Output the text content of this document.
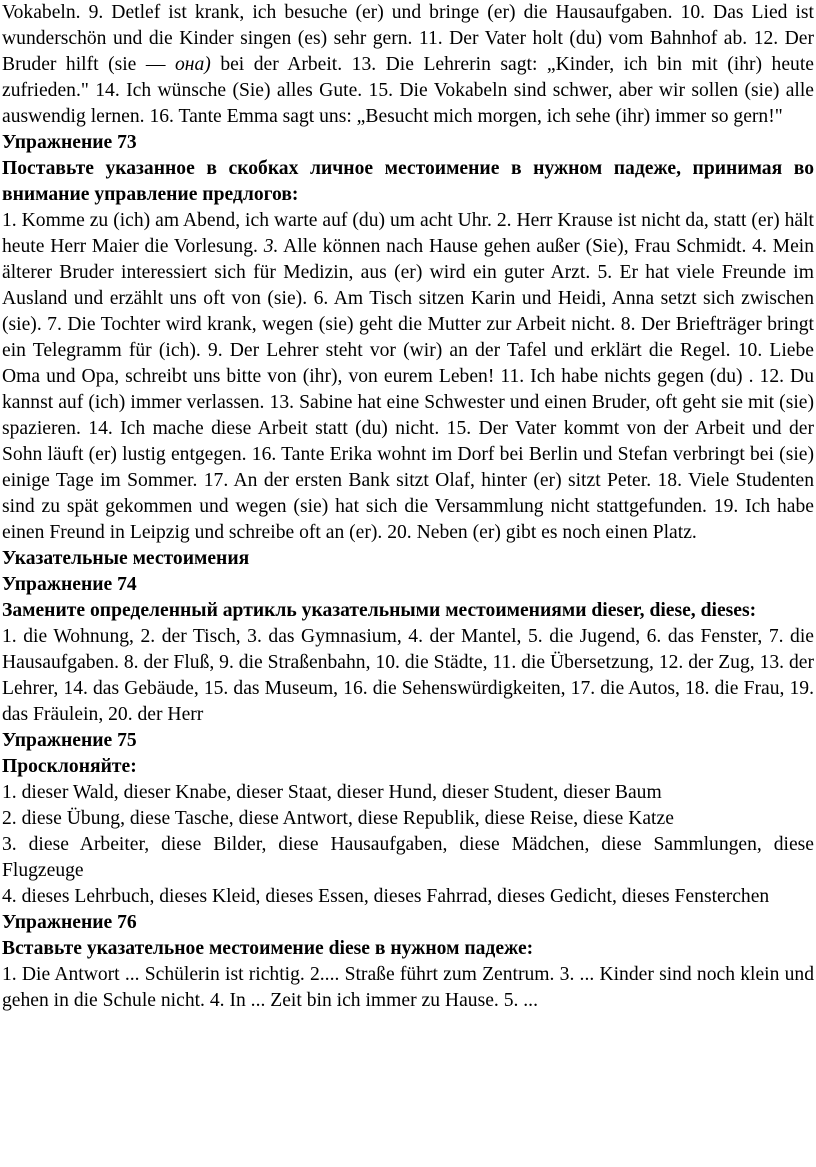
Vokabeln. 9. Detlef ist krank, ich besuche (er) und bringe (er) die Hausaufgaben. 10. Das Lied ist wunderschön und die Kinder singen (es) sehr gern. 11. Der Vater holt (du) vom Bahnhof ab. 12. Der Bruder hilft (sie — она) bei der Arbeit. 13. Die Lehrerin sagt: „Kinder, ich bin mit (ihr) heute zufrieden." 14. Ich wünsche (Sie) alles Gute. 15. Die Vokabeln sind schwer, aber wir sollen (sie) alle auswendig lernen. 16. Tante Emma sagt uns: „Besucht mich morgen, ich sehe (ihr) immer so gern!"

Упражнение 73

Поставьте указанное в скобках личное местоимение в нужном падеже, принимая во внимание управление предлогов:

1. Komme zu (ich) am Abend, ich warte auf (du) um acht Uhr. 2. Herr Krause ist nicht da, statt (er) hält heute Herr Maier die Vorlesung. 3. Alle können nach Hause gehen außer (Sie), Frau Schmidt. 4. Mein älterer Bruder interessiert sich für Medizin, aus (er) wird ein guter Arzt. 5. Er hat viele Freunde im Ausland und erzählt uns oft von (sie). 6. Am Tisch sitzen Karin und Heidi, Anna setzt sich zwischen (sie). 7. Die Tochter wird krank, wegen (sie) geht die Mutter zur Arbeit nicht. 8. Der Briefträger bringt ein Telegramm für (ich). 9. Der Lehrer steht vor (wir) an der Tafel und erklärt die Regel. 10. Liebe Oma und Opa, schreibt uns bitte von (ihr), von eurem Leben! 11. Ich habe nichts gegen (du) . 12. Du kannst auf (ich) immer verlassen. 13. Sabine hat eine Schwester und einen Bruder, oft geht sie mit (sie) spazieren. 14. Ich mache diese Arbeit statt (du) nicht. 15. Der Vater kommt von der Arbeit und der Sohn läuft (er) lustig entgegen. 16. Tante Erika wohnt im Dorf bei Berlin und Stefan verbringt bei (sie) einige Tage im Sommer. 17. An der ersten Bank sitzt Olaf, hinter (er) sitzt Peter. 18. Viele Studenten sind zu spät gekommen und wegen (sie) hat sich die Versammlung nicht stattgefunden. 19. Ich habe einen Freund in Leipzig und schreibe oft an (er). 20. Neben (er) gibt es noch einen Platz.

Указательные местоимения

Упражнение 74

Замените определенный артикль указательными местоимениями dieser, diese, dieses:

1. die Wohnung, 2. der Tisch, 3. das Gymnasium, 4. der Mantel, 5. die Jugend, 6. das Fenster, 7. die Hausaufgaben. 8. der Fluß, 9. die Straßenbahn, 10. die Städte, 11. die Übersetzung, 12. der Zug, 13. der Lehrer, 14. das Gebäude, 15. das Museum, 16. die Sehenswürdigkeiten, 17. die Autos, 18. die Frau, 19. das Fräulein, 20. der Herr

Упражнение 75

Просклоняйте:

1. dieser Wald, dieser Knabe, dieser Staat, dieser Hund, dieser Student, dieser Baum

2. diese Übung, diese Tasche, diese Antwort, diese Republik, diese Reise, diese Katze

3. diese Arbeiter, diese Bilder, diese Hausaufgaben, diese Mädchen, diese Sammlungen, diese Flugzeuge

4. dieses Lehrbuch, dieses Kleid, dieses Essen, dieses Fahrrad, dieses Gedicht, dieses Fensterchen

Упражнение 76

Вставьте указательное местоимение diese в нужном падеже:

1. Die Antwort ... Schülerin ist richtig. 2.... Straße führt zum Zentrum. 3. ... Kinder sind noch klein und gehen in die Schule nicht. 4. In ... Zeit bin ich immer zu Hause. 5. ...
